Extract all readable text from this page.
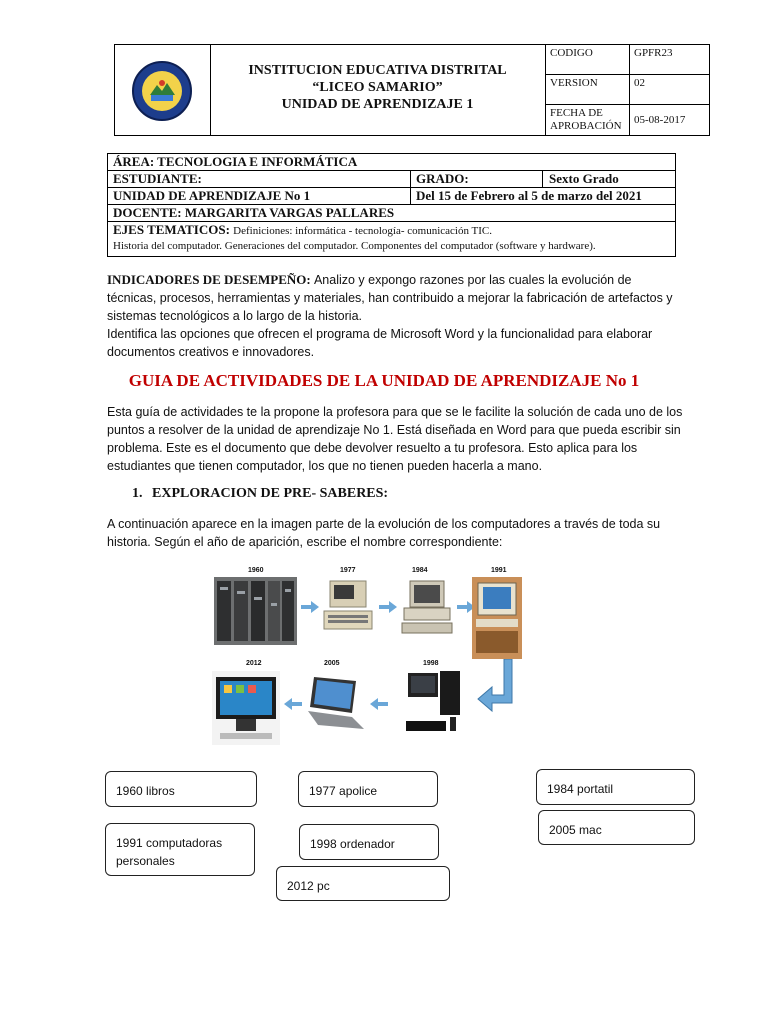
INSTITUCION EDUCATIVA DISTRITAL
“LICEO SAMARIO”
UNIDAD DE APRENDIZAJE 1
CODIGO	GPFR23
VERSION	02
FECHA DE
APROBACIÓN	05-08-2017
ÁREA: TECNOLOGIA E INFORMÁTICA
ESTUDIANTE:	GRADO:	Sexto Grado
UNIDAD DE APRENDIZAJE No 1	Del 15 de Febrero al 5 de marzo del 2021
DOCENTE: MARGARITA VARGAS PALLARES
EJES TEMATICOS: Definiciones: informática - tecnología- comunicación TIC.
Historia del computador. Generaciones del computador. Componentes del computador (software y hardware).
INDICADORES DE DESEMPEÑO: Analizo y expongo razones por las cuales la evolución de
técnicas, procesos, herramientas y materiales, han contribuido a mejorar la fabricación de artefactos y
sistemas tecnológicos a lo largo de la historia.
Identifica las opciones que ofrecen el programa de Microsoft Word y la funcionalidad para elaborar
documentos creativos e innovadores.
GUIA DE ACTIVIDADES DE LA UNIDAD DE APRENDIZAJE No 1
Esta guía de actividades te la propone la profesora para que se le facilite la solución de cada uno de los
puntos a resolver de la unidad de aprendizaje No 1. Está diseñada en Word para que pueda escribir sin
problema. Este es el documento que debe devolver resuelto a tu profesora. Esto aplica para los
estudiantes que tienen computador, los que no tienen pueden hacerla a mano.
1. EXPLORACION DE PRE- SABERES:
A continuación aparece en la imagen parte de la evolución de los computadores a través de toda su
historia. Según el año de aparición, escribe el nombre correspondiente:
1960	1977	1984	1991
2012	2005	1998
1960 libros	1977 apolice	1984 portatil
1991 computadoras
personales
1998 ordenador
2005 mac
2012 pc
